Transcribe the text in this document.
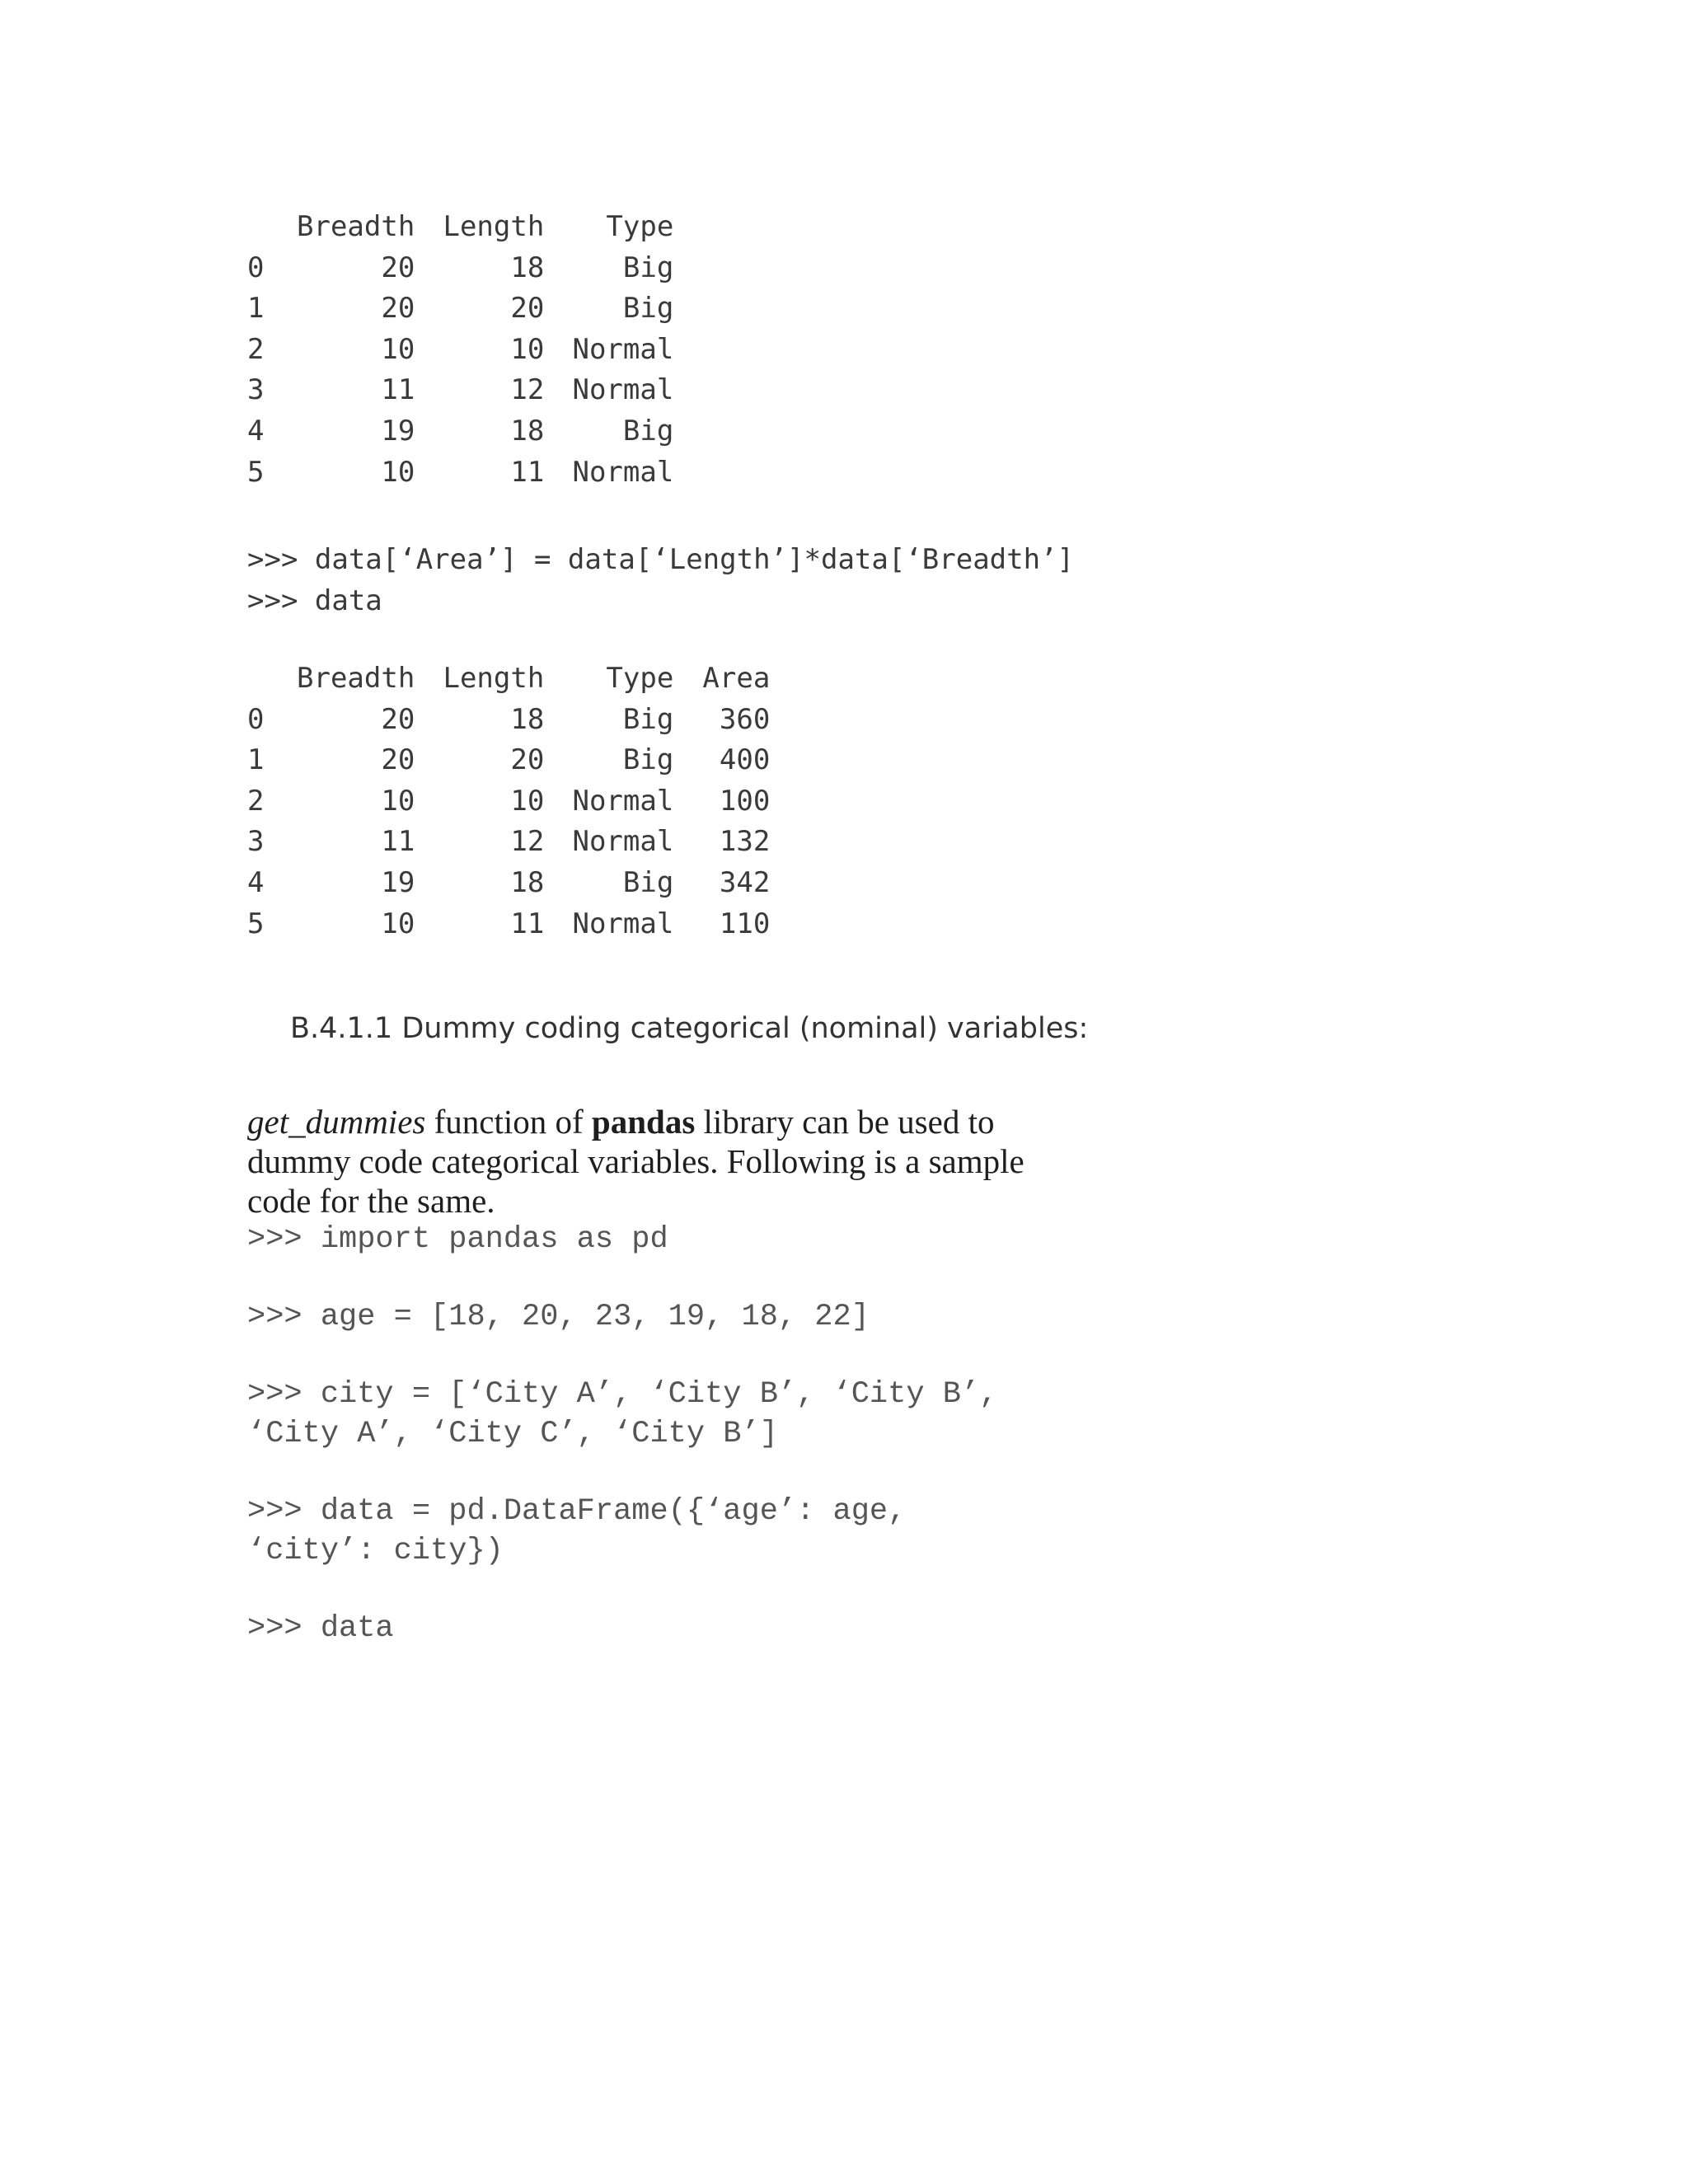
	Breadth	Length	Type
0	20	18	Big
1	20	20	Big
2	10	10	Normal
3	11	12	Normal
4	19	18	Big
5	10	11	Normal
>>> data[‘Area’] = data[‘Length’]*data[‘Breadth’]
>>> data
	Breadth	Length	Type	Area
0	20	18	Big	360
1	20	20	Big	400
2	10	10	Normal	100
3	11	12	Normal	132
4	19	18	Big	342
5	10	11	Normal	110
B.4.1.1 Dummy coding categorical (nominal) variables:

get_dummies function of pandas library can be used to dummy code categorical variables. Following is a sample code for the same.

>>> import pandas as pd
>>> age = [18, 20, 23, 19, 18, 22]
>>> city = [‘City A’, ‘City B’, ‘City B’,
‘City A’, ‘City C’, ‘City B’]
>>> data = pd.DataFrame({‘age’: age,
‘city’: city})
>>> data
